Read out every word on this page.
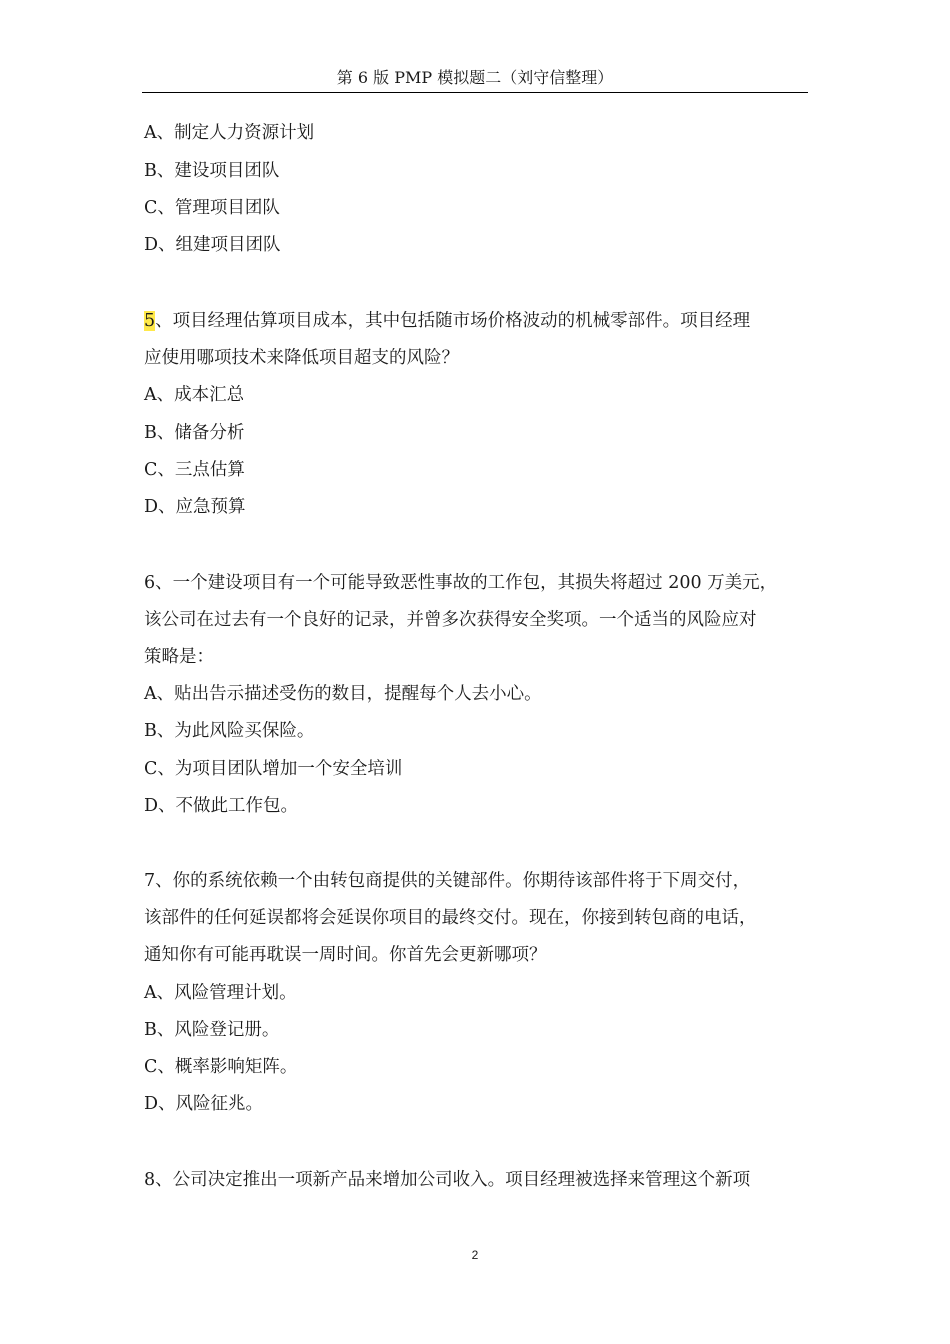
第 6 版 PMP 模拟题二（刘守信整理）
A、制定人力资源计划
B、建设项目团队
C、管理项目团队
D、组建项目团队
5、项目经理估算项目成本，其中包括随市场价格波动的机械零部件。项目经理
应使用哪项技术来降低项目超支的风险？
A、成本汇总
B、储备分析
C、三点估算
D、应急预算
6、一个建设项目有一个可能导致恶性事故的工作包，其损失将超过 200 万美元，
该公司在过去有一个良好的记录，并曾多次获得安全奖项。一个适当的风险应对
策略是：
A、贴出告示描述受伤的数目，提醒每个人去小心。
B、为此风险买保险。
C、为项目团队增加一个安全培训
D、不做此工作包。
7、你的系统依赖一个由转包商提供的关键部件。你期待该部件将于下周交付，
该部件的任何延误都将会延误你项目的最终交付。现在，你接到转包商的电话，
通知你有可能再耽误一周时间。你首先会更新哪项？
A、风险管理计划。
B、风险登记册。
C、概率影响矩阵。
D、风险征兆。
8、公司决定推出一项新产品来增加公司收入。项目经理被选择来管理这个新项
2
